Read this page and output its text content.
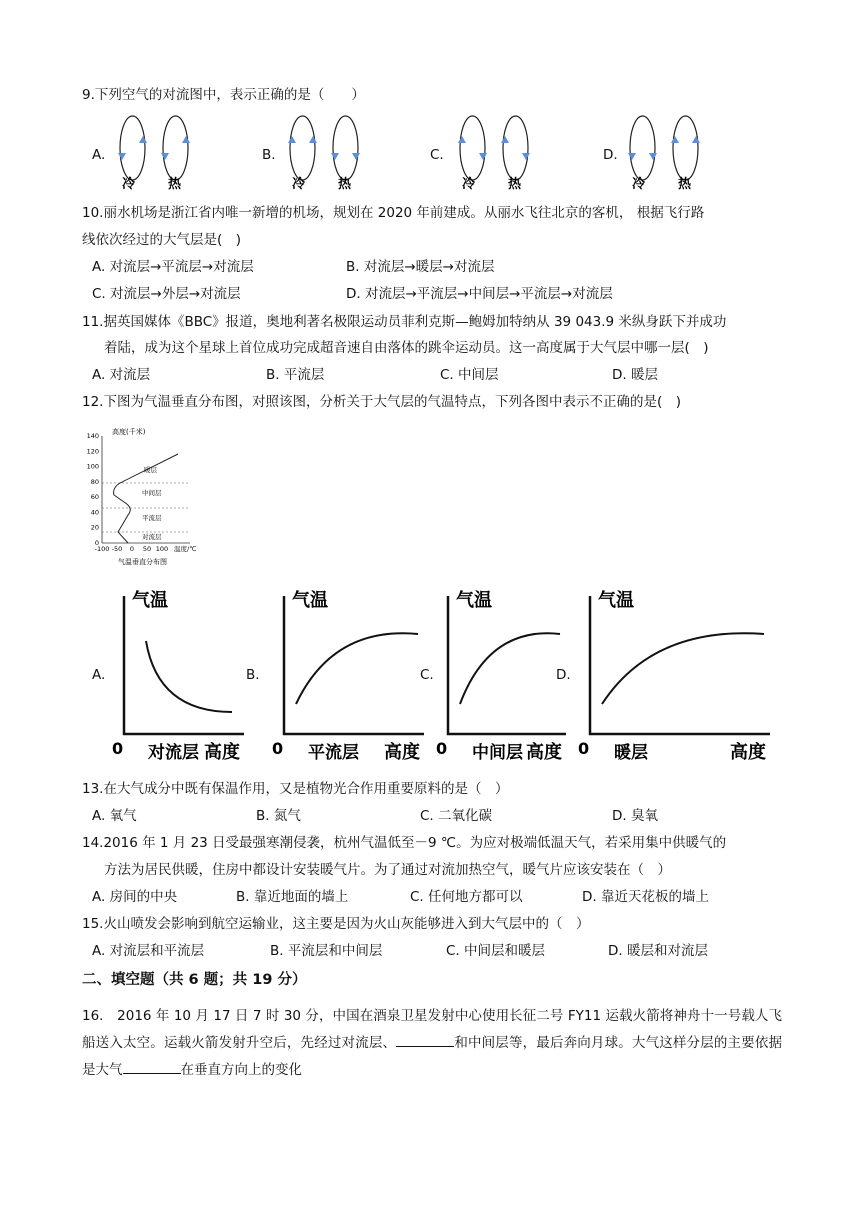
9.下列空气的对流图中，表示正确的是（　　）
A.	B.	C.	D.
冷	热	冷	热	冷	热	冷	热
10.丽水机场是浙江省内唯一新增的机场，规划在 2020 年前建成。从丽水飞往北京的客机， 根据飞行路
线依次经过的大气层是(　)
A. 对流层→平流层→对流层	B. 对流层→暖层→对流层
C. 对流层→外层→对流层	D. 对流层→平流层→中间层→平流层→对流层
11.据英国媒体《BBC》报道，奥地利著名极限运动员菲利克斯—鲍姆加特纳从 39 043.9 米纵身跃下并成功
着陆，成为这个星球上首位成功完成超音速自由落体的跳伞运动员。这一高度属于大气层中哪一层(　)
A. 对流层	B. 平流层	C. 中间层	D. 暖层
12.下图为气温垂直分布图，对照该图，分析关于大气层的气温特点，下列各图中表示不正确的是(　)
高度(千米)
140
120
100
80
60
40
20
0
-100 -50 0 50 100 温度/℃
暖层
中间层
平流层
对流层
气温垂直分布图
A.
气温
0 对流层 高度
B.
气温
0 平流层 高度
C.
气温
0 中间层 高度
D.
气温
0 暖层	高度
13.在大气成分中既有保温作用，又是植物光合作用重要原料的是（　）
A. 氧气	B. 氮气	C. 二氧化碳	D. 臭氧
14.2016 年 1 月 23 日受最强寒潮侵袭，杭州气温低至－9 ℃。为应对极端低温天气，若采用集中供暖气的
方法为居民供暖，住房中都设计安装暖气片。为了通过对流加热空气，暖气片应该安装在（　）
A. 房间的中央	B. 靠近地面的墙上	C. 任何地方都可以	D. 靠近天花板的墙上
15.火山喷发会影响到航空运输业，这主要是因为火山灰能够进入到大气层中的（　）
A. 对流层和平流层	B. 平流层和中间层	C. 中间层和暖层	D. 暖层和对流层
二、填空题（共 6 题；共 19 分）
16.　2016 年 10 月 17 日 7 时 30 分，中国在酒泉卫星发射中心使用长征二号 FY11 运载火箭将神舟十一号载人飞船送入太空。运载火箭发射升空后，先经过对流层、	和中间层等，最后奔向月球。大气这样分层的主要依据是大气	在垂直方向上的变化
